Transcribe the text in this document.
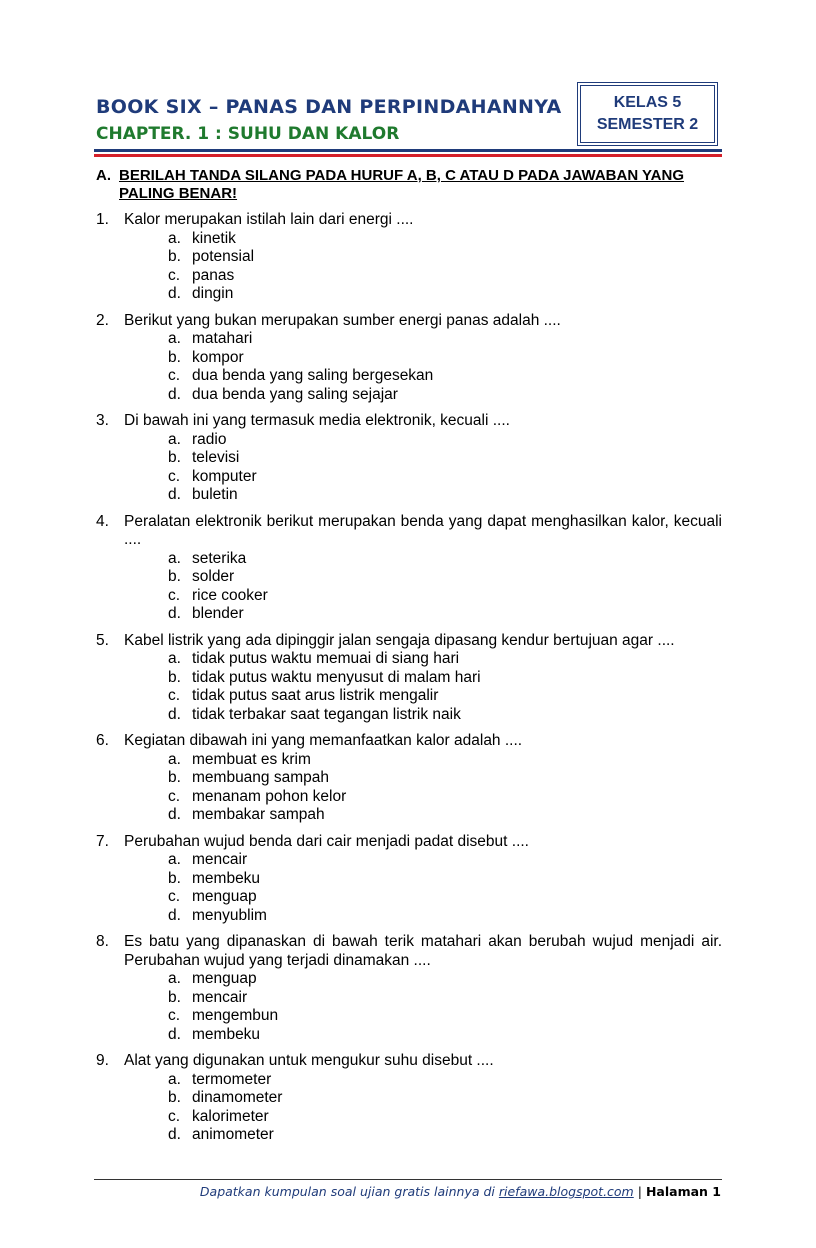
BOOK SIX – PANAS DAN PERPINDAHANNYA
CHAPTER. 1 : SUHU DAN KALOR
KELAS 5
SEMESTER 2
A. BERILAH TANDA SILANG PADA HURUF A, B, C ATAU D PADA JAWABAN YANG PALING BENAR!
1. Kalor merupakan istilah lain dari energi ....
a. kinetik
b. potensial
c. panas
d. dingin
2. Berikut yang bukan merupakan sumber energi panas adalah ....
a. matahari
b. kompor
c. dua benda yang saling bergesekan
d. dua benda yang saling sejajar
3. Di bawah ini yang termasuk media elektronik, kecuali ....
a. radio
b. televisi
c. komputer
d. buletin
4. Peralatan elektronik berikut merupakan benda yang dapat menghasilkan kalor, kecuali ....
a. seterika
b. solder
c. rice cooker
d. blender
5. Kabel listrik yang ada dipinggir jalan sengaja dipasang kendur bertujuan agar ....
a. tidak putus waktu memuai di siang hari
b. tidak putus waktu menyusut di malam hari
c. tidak putus saat arus listrik mengalir
d. tidak terbakar saat tegangan listrik naik
6. Kegiatan dibawah ini yang memanfaatkan kalor adalah ....
a. membuat es krim
b. membuang sampah
c. menanam pohon kelor
d. membakar sampah
7. Perubahan wujud benda dari cair menjadi padat disebut ....
a. mencair
b. membeku
c. menguap
d. menyublim
8. Es batu yang dipanaskan di bawah terik matahari akan berubah wujud menjadi air. Perubahan wujud yang terjadi dinamakan ....
a. menguap
b. mencair
c. mengembun
d. membeku
9. Alat yang digunakan untuk mengukur suhu disebut ....
a. termometer
b. dinamometer
c. kalorimeter
d. animometer
Dapatkan kumpulan soal ujian gratis lainnya di riefawa.blogspot.com | Halaman 1
